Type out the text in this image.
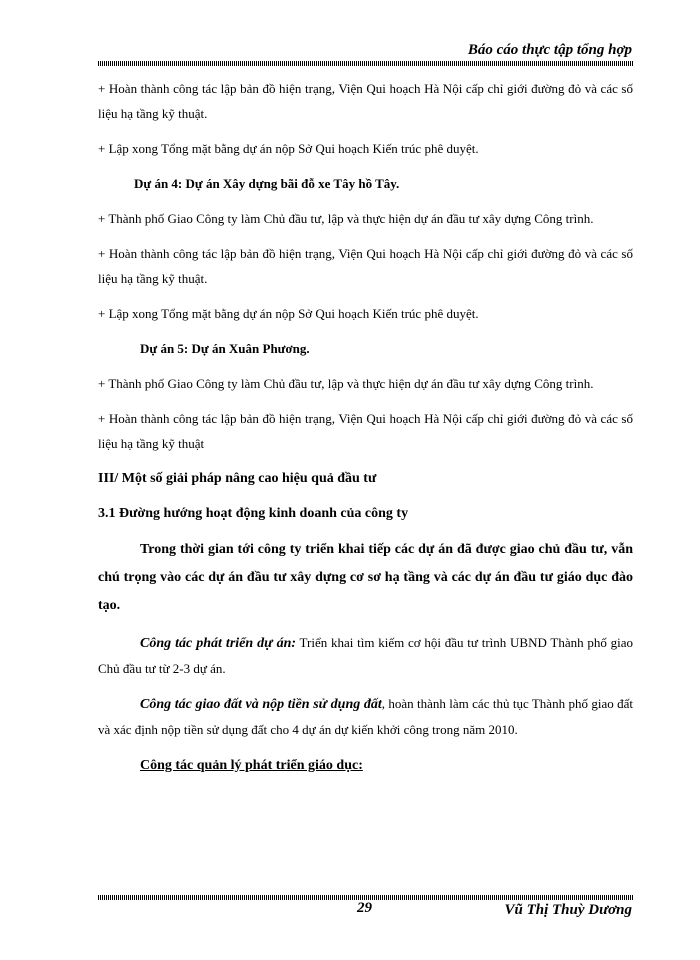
Báo cáo thực tập tổng hợp

+ Hoàn thành công tác lập bản đồ hiện trạng, Viện Qui hoạch Hà Nội cấp chỉ giới đường đỏ và các số liệu hạ tầng kỹ thuật.

+ Lập xong Tổng mặt bằng dự án nộp Sở Qui hoạch Kiến trúc phê duyệt.

Dự án 4: Dự án Xây dựng bãi đỗ xe Tây hồ Tây.

+ Thành phố Giao Công ty làm Chủ đầu tư, lập và thực hiện dự án đầu tư xây dựng Công trình.

+ Hoàn thành công tác lập bản đồ hiện trạng, Viện Qui hoạch Hà Nội cấp chỉ giới đường đỏ và các số liệu hạ tầng kỹ thuật.

+ Lập xong Tổng mặt bằng dự án nộp Sở Qui hoạch Kiến trúc phê duyệt.

Dự án 5: Dự án Xuân Phương.

+ Thành phố Giao Công ty làm Chủ đầu tư, lập và thực hiện dự án đầu tư xây dựng Công trình.

+ Hoàn thành công tác lập bản đồ hiện trạng, Viện Qui hoạch Hà Nội cấp chỉ giới đường đỏ và các số liệu hạ tầng kỹ thuật

III/ Một số giải pháp nâng cao hiệu quả đầu tư

3.1 Đường hướng hoạt động kinh doanh của công ty

Trong thời gian tới công ty triển khai tiếp các dự án đã được giao chủ đầu tư, vẫn chú trọng vào các dự án đầu tư xây dựng cơ sơ hạ tầng và các dự án đầu tư giáo dục đào tạo.

Công tác phát triển dự án: Triển khai tìm kiếm cơ hội đầu tư trình UBND Thành phố giao Chủ đầu tư từ 2-3 dự án.

Công tác giao đất và nộp tiền sử dụng đất, hoàn thành làm các thủ tục Thành phố giao đất và xác định nộp tiền sử dụng đất cho 4 dự án dự kiến khởi công trong năm 2010.

Công tác quản lý phát triển giáo dục:

29	Vũ Thị Thuỳ Dương
